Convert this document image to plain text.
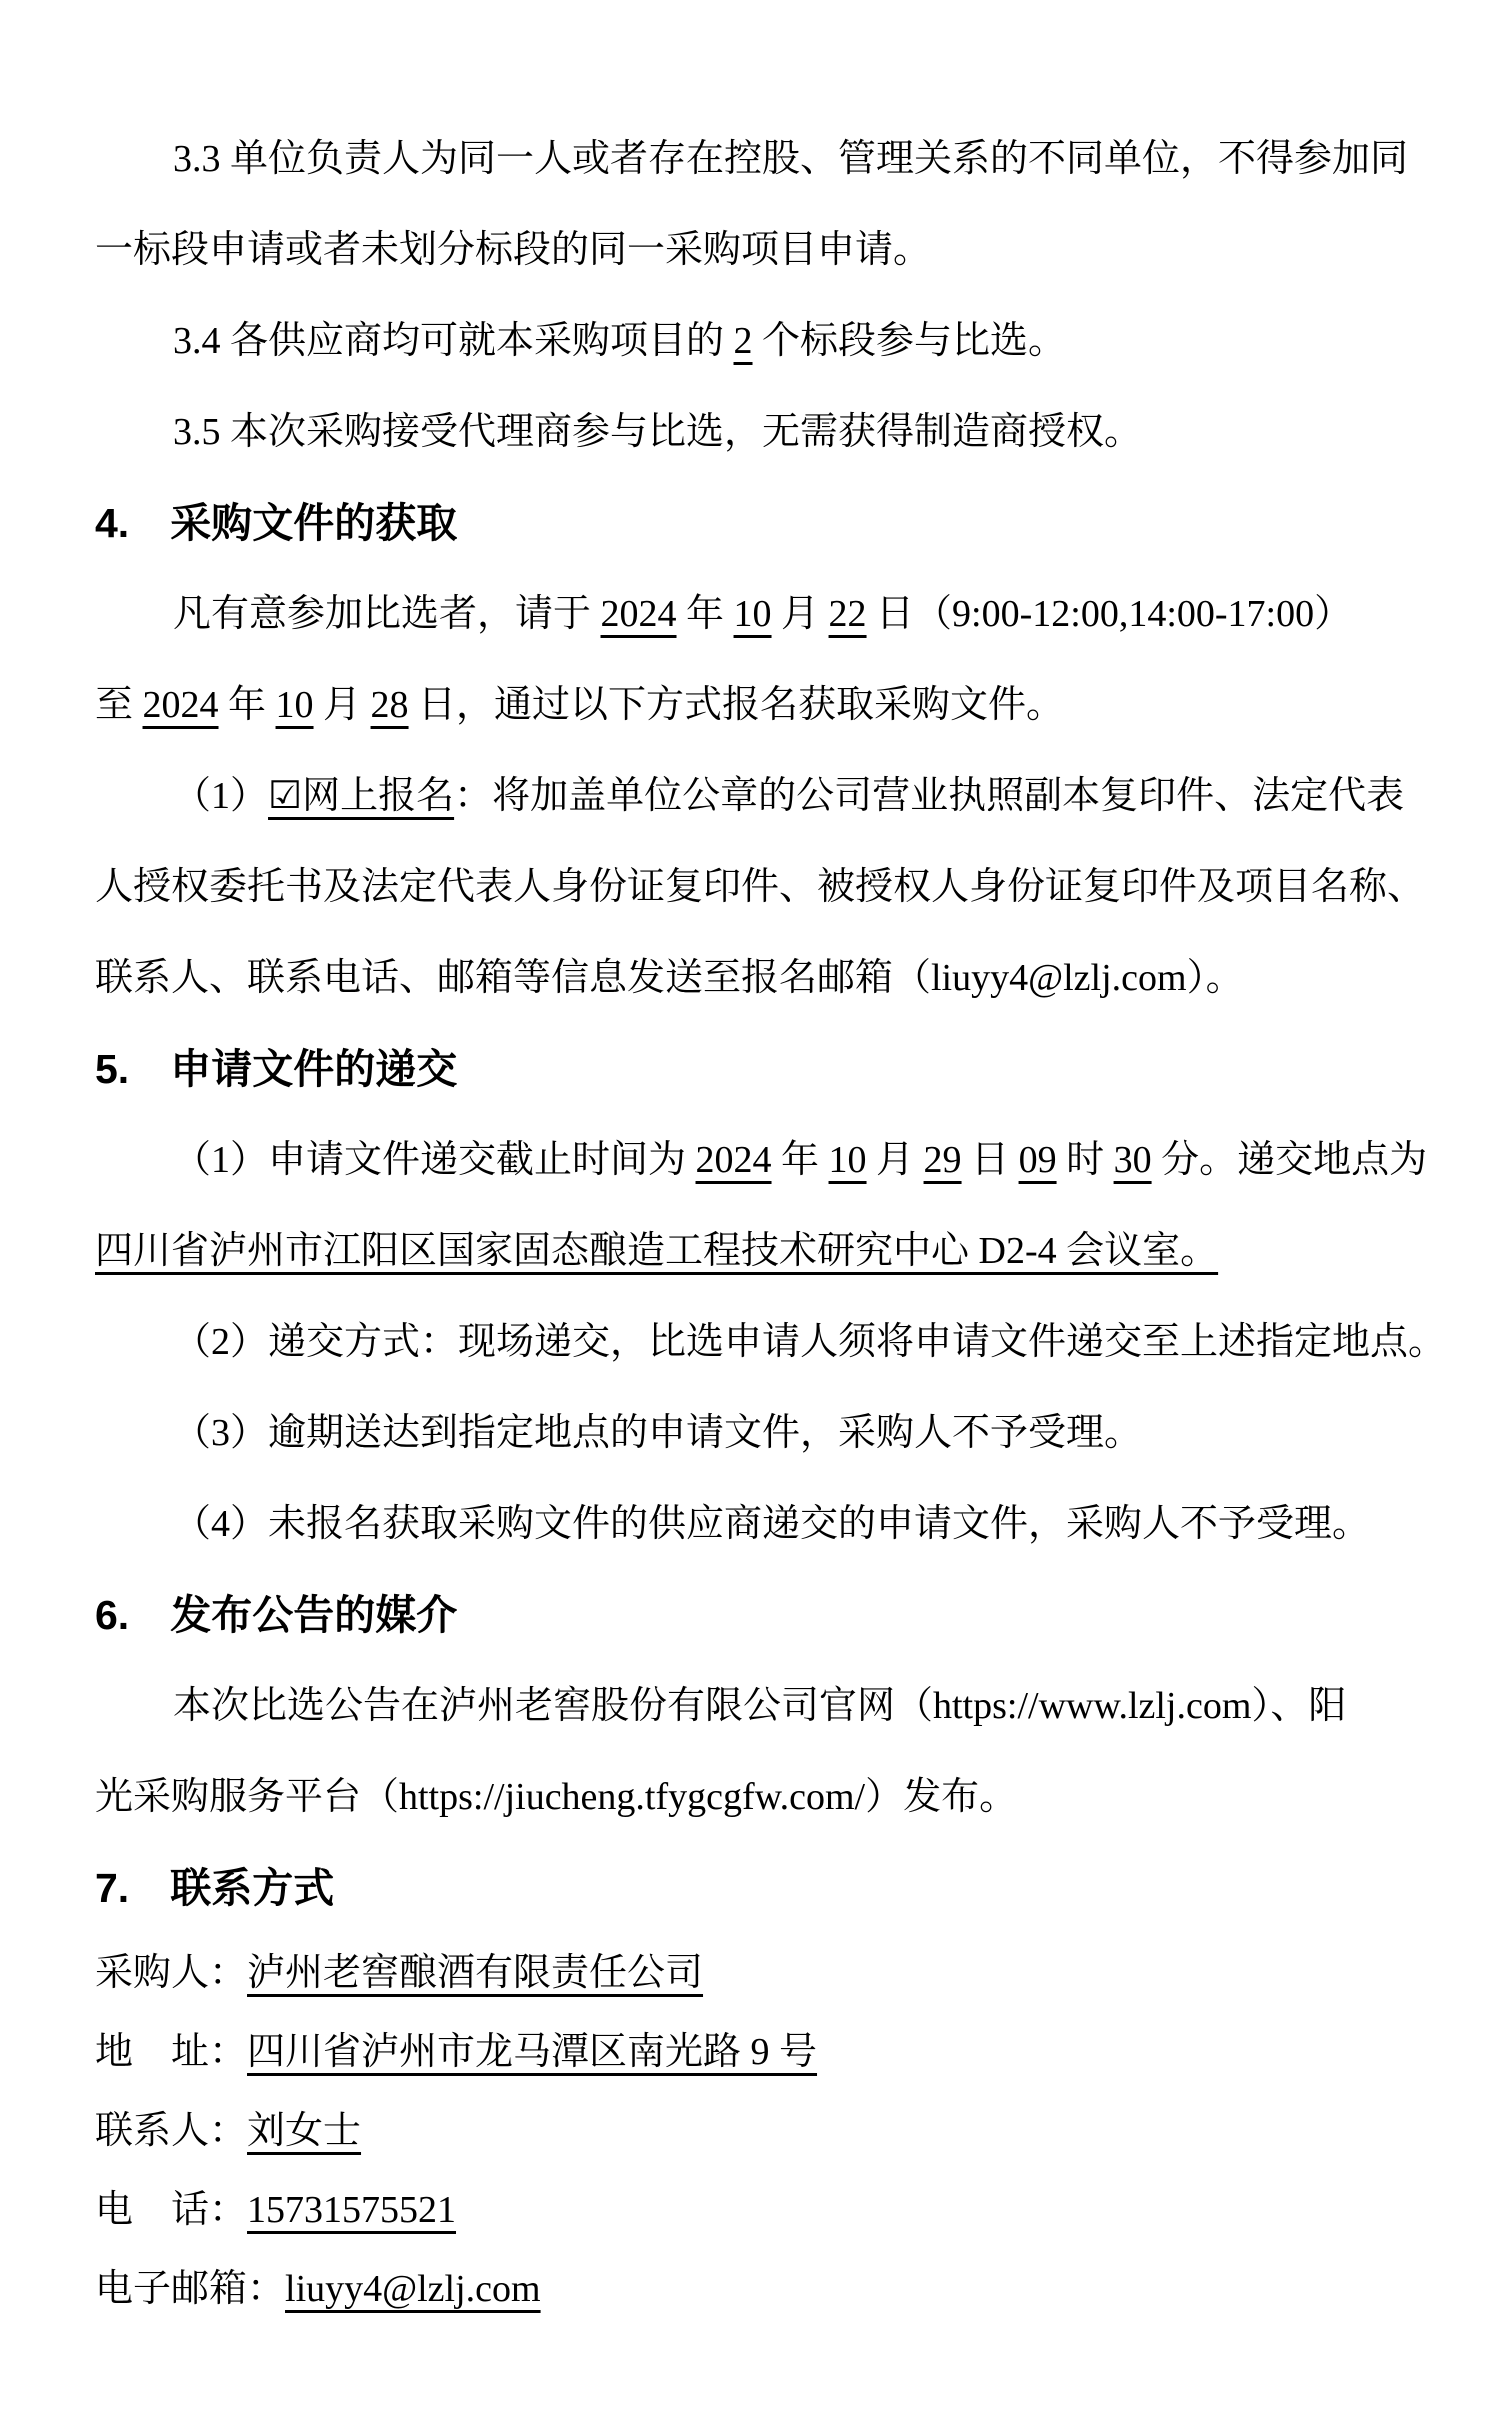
3.3 单位负责人为同一人或者存在控股、管理关系的不同单位，不得参加同
一标段申请或者未划分标段的同一采购项目申请。
3.4 各供应商均可就本采购项目的 2 个标段参与比选。
3.5 本次采购接受代理商参与比选，无需获得制造商授权。
4.　采购文件的获取
凡有意参加比选者，请于 2024 年 10 月 22 日（9:00-12:00,14:00-17:00）
至 2024 年 10 月 28 日，通过以下方式报名获取采购文件。
（1）☑网上报名：将加盖单位公章的公司营业执照副本复印件、法定代表
人授权委托书及法定代表人身份证复印件、被授权人身份证复印件及项目名称、
联系人、联系电话、邮箱等信息发送至报名邮箱（liuyy4@lzlj.com）。
5.　申请文件的递交
（1）申请文件递交截止时间为 2024 年 10 月 29 日 09 时 30 分。递交地点为
四川省泸州市江阳区国家固态酿造工程技术研究中心 D2-4 会议室。
（2）递交方式：现场递交，比选申请人须将申请文件递交至上述指定地点。
（3）逾期送达到指定地点的申请文件，采购人不予受理。
（4）未报名获取采购文件的供应商递交的申请文件，采购人不予受理。
6.　发布公告的媒介
本次比选公告在泸州老窖股份有限公司官网（https://www.lzlj.com）、阳
光采购服务平台（https://jiucheng.tfygcgfw.com/）发布。
7.　联系方式
采购人：泸州老窖酿酒有限责任公司
地　址：四川省泸州市龙马潭区南光路 9 号
联系人：刘女士
电　话：15731575521
电子邮箱：liuyy4@lzlj.com
